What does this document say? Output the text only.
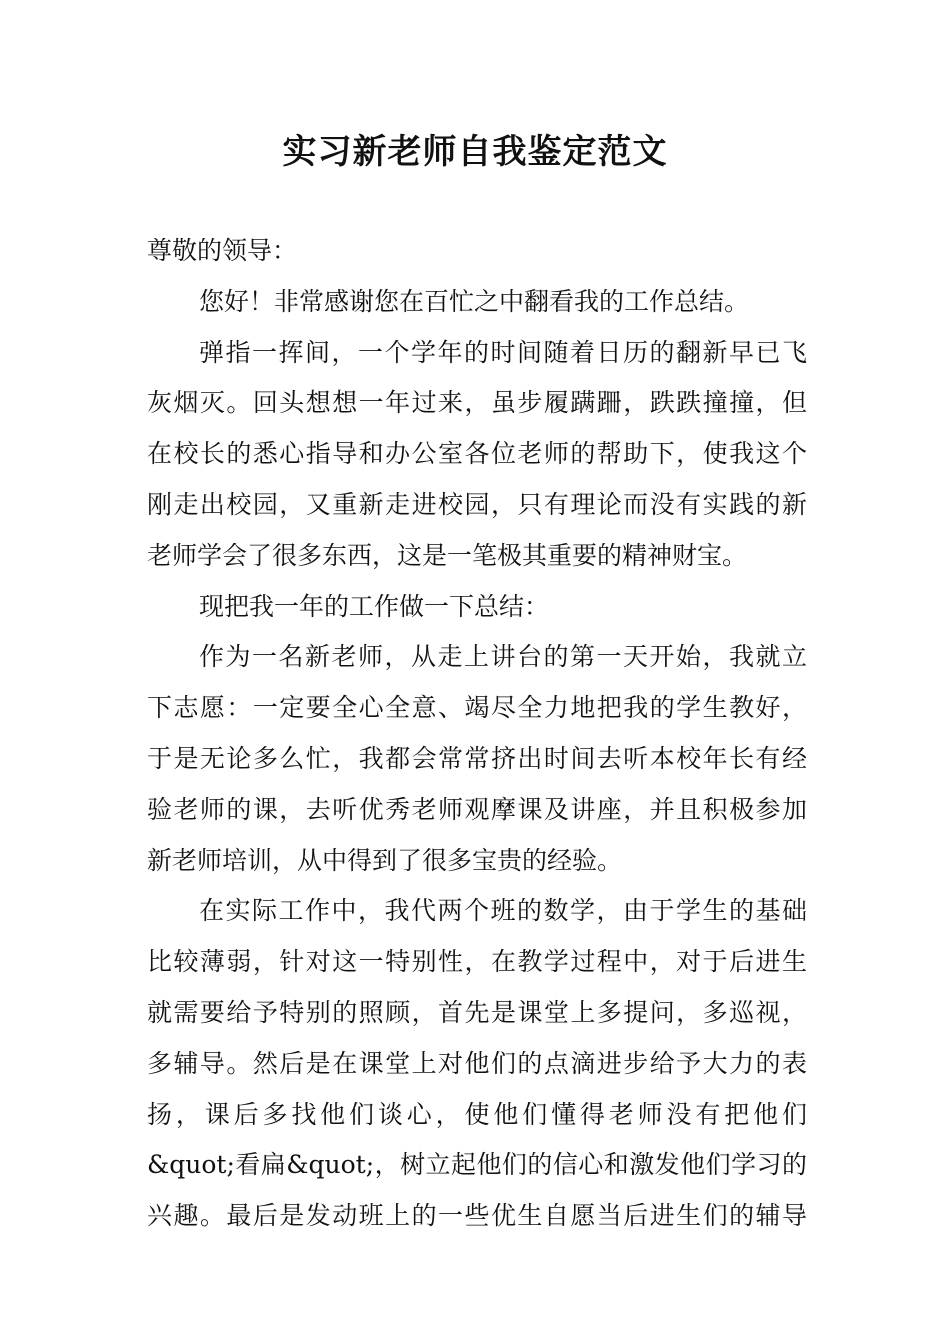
实习新老师自我鉴定范文
尊敬的领导：
您好！非常感谢您在百忙之中翻看我的工作总结。
弹指一挥间，一个学年的时间随着日历的翻新早已飞
灰烟灭。回头想想一年过来，虽步履蹒跚，跌跌撞撞，但
在校长的悉心指导和办公室各位老师的帮助下，使我这个
刚走出校园，又重新走进校园，只有理论而没有实践的新
老师学会了很多东西，这是一笔极其重要的精神财宝。
现把我一年的工作做一下总结：
作为一名新老师，从走上讲台的第一天开始，我就立
下志愿：一定要全心全意、竭尽全力地把我的学生教好，
于是无论多么忙，我都会常常挤出时间去听本校年长有经
验老师的课，去听优秀老师观摩课及讲座，并且积极参加
新老师培训，从中得到了很多宝贵的经验。
在实际工作中，我代两个班的数学，由于学生的基础
比较薄弱，针对这一特别性，在教学过程中，对于后进生
就需要给予特别的照顾，首先是课堂上多提问，多巡视，
多辅导。然后是在课堂上对他们的点滴进步给予大力的表
扬，课后多找他们谈心，使他们懂得老师没有把他们
&quot;看扁&quot;，树立起他们的信心和激发他们学习的
兴趣。最后是发动班上的一些优生自愿当后进生们的辅导
